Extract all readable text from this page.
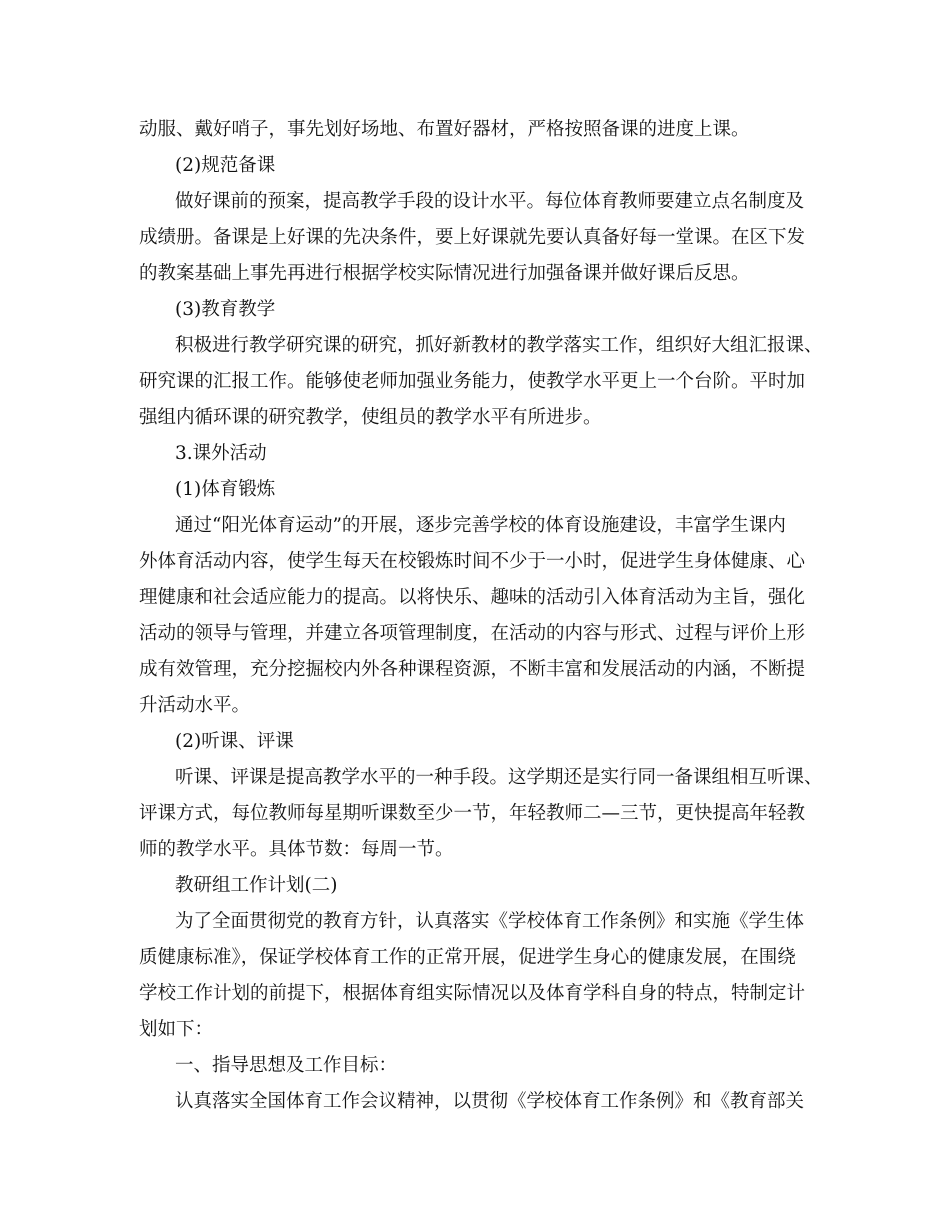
动服、戴好哨子，事先划好场地、布置好器材，严格按照备课的进度上课。
(2)规范备课
做好课前的预案，提高教学手段的设计水平。每位体育教师要建立点名制度及
成绩册。备课是上好课的先决条件，要上好课就先要认真备好每一堂课。在区下发
的教案基础上事先再进行根据学校实际情况进行加强备课并做好课后反思。
(3)教育教学
积极进行教学研究课的研究，抓好新教材的教学落实工作，组织好大组汇报课、
研究课的汇报工作。能够使老师加强业务能力，使教学水平更上一个台阶。平时加
强组内循环课的研究教学，使组员的教学水平有所进步。
3.课外活动
(1)体育锻炼
通过“阳光体育运动”的开展，逐步完善学校的体育设施建设，丰富学生课内
外体育活动内容，使学生每天在校锻炼时间不少于一小时，促进学生身体健康、心
理健康和社会适应能力的提高。以将快乐、趣味的活动引入体育活动为主旨，强化
活动的领导与管理，并建立各项管理制度，在活动的内容与形式、过程与评价上形
成有效管理，充分挖掘校内外各种课程资源，不断丰富和发展活动的内涵，不断提
升活动水平。
(2)听课、评课
听课、评课是提高教学水平的一种手段。这学期还是实行同一备课组相互听课、
评课方式，每位教师每星期听课数至少一节，年轻教师二—三节，更快提高年轻教
师的教学水平。具体节数：每周一节。
教研组工作计划(二)
为了全面贯彻党的教育方针，认真落实《学校体育工作条例》和实施《学生体
质健康标准》，保证学校体育工作的正常开展，促进学生身心的健康发展，在围绕
学校工作计划的前提下，根据体育组实际情况以及体育学科自身的特点，特制定计
划如下：
一、指导思想及工作目标：
认真落实全国体育工作会议精神，以贯彻《学校体育工作条例》和《教育部关
